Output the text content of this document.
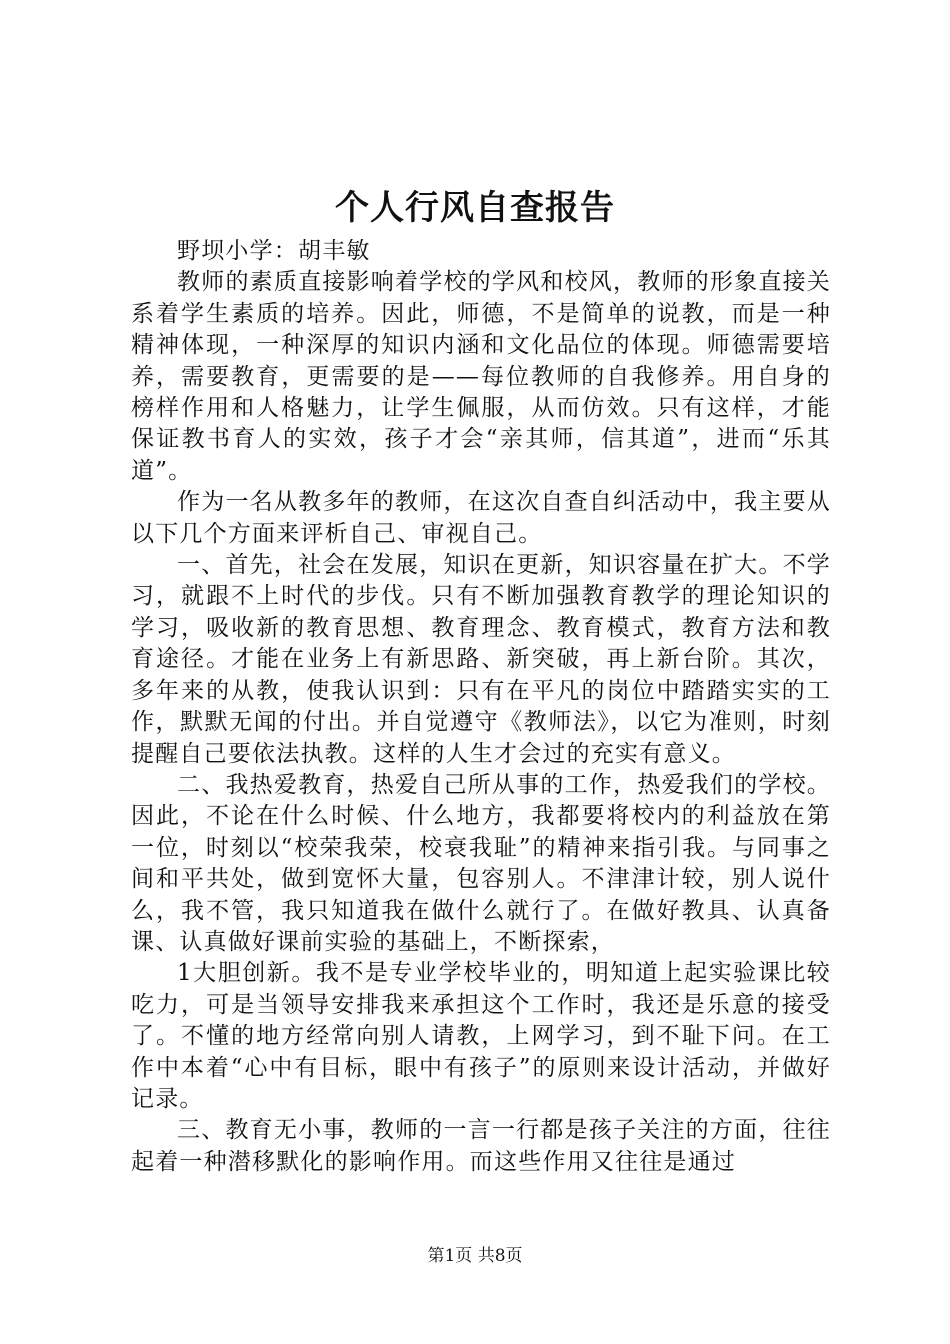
个人行风自查报告

野坝小学：胡丰敏

教师的素质直接影响着学校的学风和校风，教师的形象直接关系着学生素质的培养。因此，师德，不是简单的说教，而是一种精神体现，一种深厚的知识内涵和文化品位的体现。师德需要培养，需要教育，更需要的是——每位教师的自我修养。用自身的榜样作用和人格魅力，让学生佩服，从而仿效。只有这样，才能保证教书育人的实效，孩子才会“亲其师，信其道”，进而“乐其道”。

作为一名从教多年的教师，在这次自查自纠活动中，我主要从以下几个方面来评析自己、审视自己。

一、首先，社会在发展，知识在更新，知识容量在扩大。不学习，就跟不上时代的步伐。只有不断加强教育教学的理论知识的学习，吸收新的教育思想、教育理念、教育模式，教育方法和教育途径。才能在业务上有新思路、新突破，再上新台阶。其次，多年来的从教，使我认识到：只有在平凡的岗位中踏踏实实的工作，默默无闻的付出。并自觉遵守《教师法》，以它为准则，时刻提醒自己要依法执教。这样的人生才会过的充实有意义。

二、我热爱教育，热爱自己所从事的工作，热爱我们的学校。因此，不论在什么时候、什么地方，我都要将校内的利益放在第一位，时刻以“校荣我荣，校衰我耻”的精神来指引我。与同事之间和平共处，做到宽怀大量，包容别人。不津津计较，别人说什么，我不管，我只知道我在做什么就行了。在做好教具、认真备课、认真做好课前实验的基础上，不断探索，

1大胆创新。我不是专业学校毕业的，明知道上起实验课比较吃力，可是当领导安排我来承担这个工作时，我还是乐意的接受了。不懂的地方经常向别人请教，上网学习，到不耻下问。在工作中本着“心中有目标，眼中有孩子”的原则来设计活动，并做好记录。

三、教育无小事，教师的一言一行都是孩子关注的方面，往往起着一种潜移默化的影响作用。而这些作用又往往是通过

第1页 共8页
